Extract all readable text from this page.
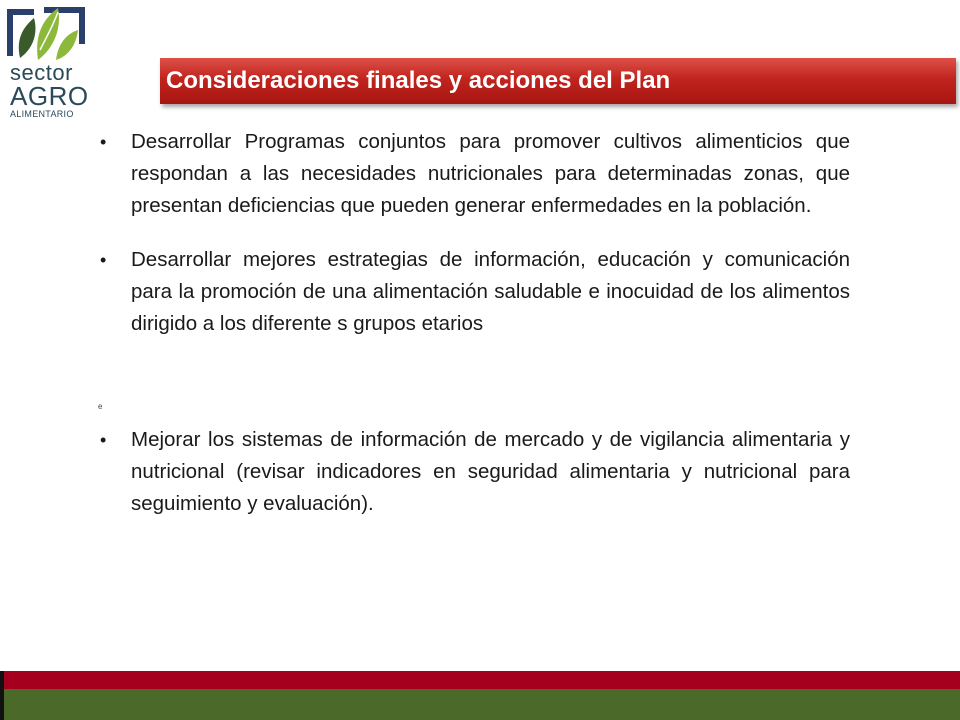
sector
AGRO
ALIMENTARIO
Consideraciones finales y acciones del Plan
• Desarrollar Programas conjuntos para promover cultivos alimenticios que respondan a las necesidades nutricionales para determinadas zonas, que presentan deficiencias que pueden generar enfermedades en la población.
• Desarrollar mejores estrategias de información, educación y comunicación para la promoción de una alimentación saludable e inocuidad de los alimentos dirigido a los diferente s grupos etarios
e
• Mejorar los sistemas de información de mercado y de vigilancia alimentaria y nutricional (revisar indicadores en seguridad alimentaria y nutricional para seguimiento y evaluación).
